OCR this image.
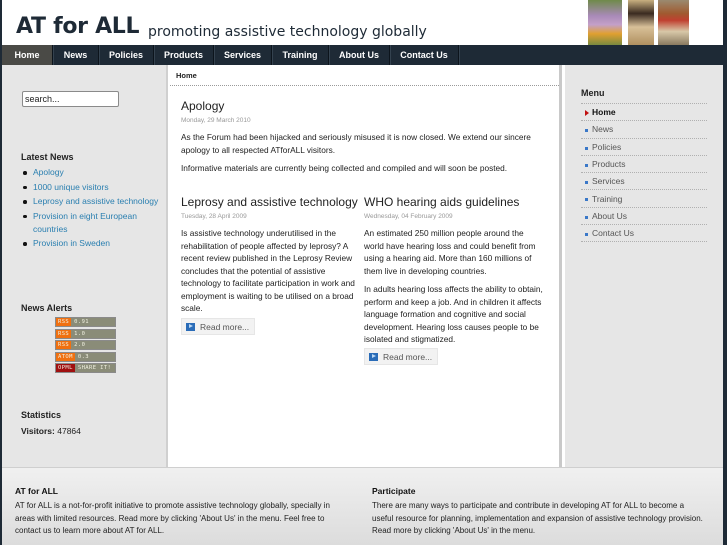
AT for ALL promoting assistive technology globally
Home	News	Policies	Products	Services	Training	About Us	Contact Us
search...
Latest News
Apology
1000 unique visitors
Leprosy and assistive technology
Provision in eight European countries
Provision in Sweden
News Alerts
RSS 0.91
RSS 1.0
RSS 2.0
ATOM 0.3
OPML SHARE IT!
Statistics
Visitors: 47864
Home
Apology
Monday, 29 March 2010

As the Forum had been hijacked and seriously misused it is now closed. We extend our sincere apology to all respected ATforALL visitors.

Informative materials are currently being collected and compiled and will soon be posted.

Leprosy and assistive technology
Tuesday, 28 April 2009

Is assistive technology underutilised in the rehabilitation of people affected by leprosy? A recent review published in the Leprosy Review concludes that the potential of assistive technology to facilitate participation in work and employment is waiting to be utilised on a broad scale.

Read more...
WHO hearing aids guidelines
Wednesday, 04 February 2009

An estimated 250 million people around the world have hearing loss and could benefit from using a hearing aid. More than 160 millions of them live in developing countries.

In adults hearing loss affects the ability to obtain, perform and keep a job. And in children it affects language formation and cognitive and social development. Hearing loss causes people to be isolated and stigmatized.

Read more...
Menu
Home
News
Policies
Products
Services
Training
About Us
Contact Us
AT for ALL
AT for ALL is a not-for-profit initiative to promote assistive technology globally, specially in areas with limited resources. Read more by clicking 'About Us' in the menu. Feel free to contact us to learn more about AT for ALL.
Participate
There are many ways to participate and contribute in developing AT for ALL to become a useful resource for planning, implementation and expansion of assistive technology provision. Read more by clicking 'About Us' in the menu.
